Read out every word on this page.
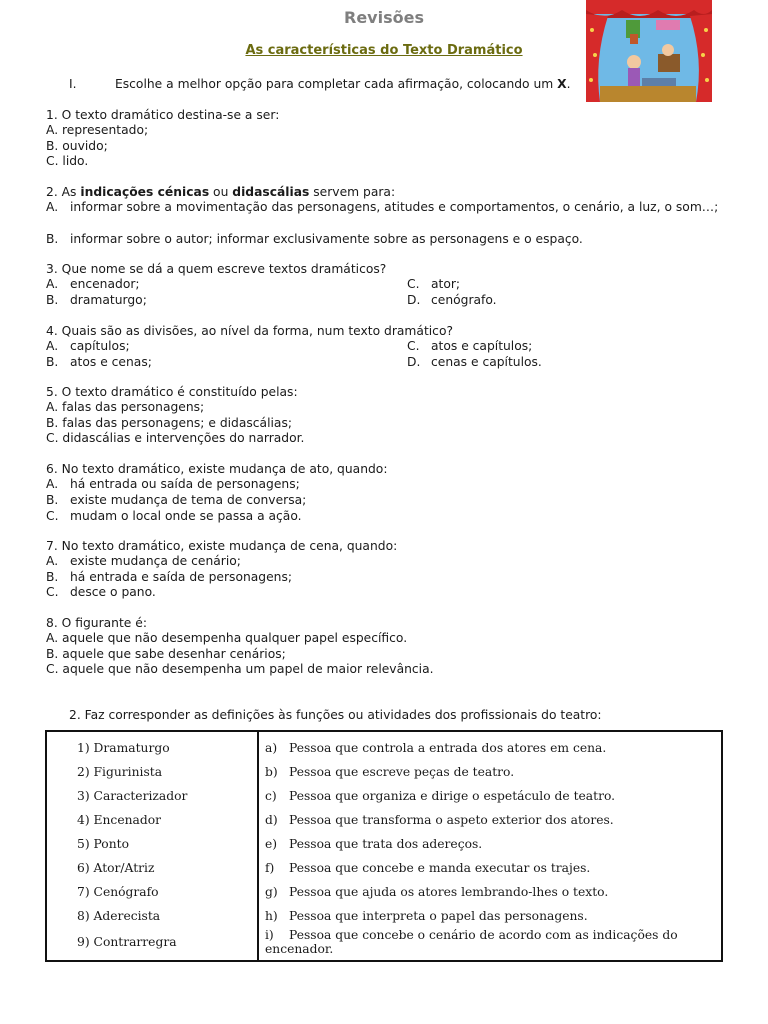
Revisões
As características do Texto Dramático
I.	Escolhe a melhor opção para completar cada afirmação, colocando um X.
1. O texto dramático destina-se a ser:
A. representado;
B. ouvido;
C. lido.
2. As indicações cénicas ou didascálias servem para:
A. informar sobre a movimentação das personagens, atitudes e comportamentos, o cenário, a luz, o som…;
B. informar sobre o autor; informar exclusivamente sobre as personagens e o espaço.
3. Que nome se dá a quem escreve textos dramáticos?
A. encenador;
B. dramaturgo;
C. ator;
D. cenógrafo.
4. Quais são as divisões, ao nível da forma, num texto dramático?
A. capítulos;
B. atos e cenas;
C. atos e capítulos;
D. cenas e capítulos.
5. O texto dramático é constituído pelas:
A. falas das personagens;
B. falas das personagens; e didascálias;
C. didascálias e intervenções do narrador.
6. No texto dramático, existe mudança de ato, quando:
A. há entrada ou saída de personagens;
B. existe mudança de tema de conversa;
C. mudam o local onde se passa a ação.
7. No texto dramático, existe mudança de cena, quando:
A. existe mudança de cenário;
B. há entrada e saída de personagens;
C. desce o pano.
8. O figurante é:
A. aquele que não desempenha qualquer papel específico.
B. aquele que sabe desenhar cenários;
C. aquele que não desempenha um papel de maior relevância.
2. Faz corresponder as definições às funções ou atividades dos profissionais do teatro:
1) Dramaturgo	a) Pessoa que controla a entrada dos atores em cena.
2) Figurinista	b) Pessoa que escreve peças de teatro.
3) Caracterizador	c) Pessoa que organiza e dirige o espetáculo de teatro.
4) Encenador	d) Pessoa que transforma o aspeto exterior dos atores.
5) Ponto	e) Pessoa que trata dos adereços.
6) Ator/Atriz	f) Pessoa que concebe e manda executar os trajes.
7) Cenógrafo	g) Pessoa que ajuda os atores lembrando-lhes o texto.
8) Aderecista	h) Pessoa que interpreta o papel das personagens.
9) Contrarregra	i) Pessoa que concebe o cenário de acordo com as indicações do encenador.
